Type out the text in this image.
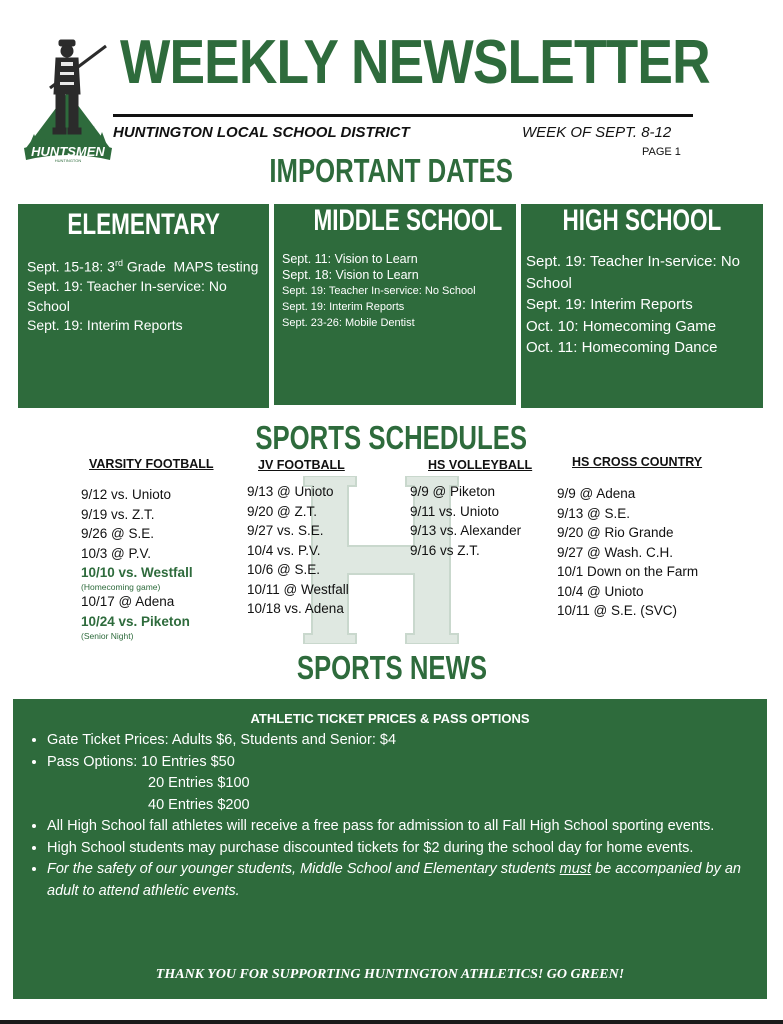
HUNTSMEN
HUNTINGTON
WEEKLY NEWSLETTER
HUNTINGTON LOCAL SCHOOL DISTRICT	WEEK OF SEPT. 8-12
PAGE 1
IMPORTANT DATES
ELEMENTARY
Sept. 15-18: 3rd Grade  MAPS testing
Sept. 19: Teacher In-service: No School
Sept. 19: Interim Reports
MIDDLE SCHOOL
Sept. 11: Vision to Learn
Sept. 18: Vision to Learn
Sept. 19: Teacher In-service: No School
Sept. 19: Interim Reports
Sept. 23-26: Mobile Dentist
HIGH SCHOOL
Sept. 19: Teacher In-service: No School
Sept. 19: Interim Reports
Oct. 10: Homecoming Game
Oct. 11: Homecoming Dance
SPORTS SCHEDULES
H
VARSITY FOOTBALL
9/12 vs. Unioto
9/19 vs. Z.T.
9/26 @ S.E.
10/3 @ P.V.
10/10 vs. Westfall
(Homecoming game)
10/17 @ Adena
10/24 vs. Piketon
(Senior Night)
JV FOOTBALL
9/13 @ Unioto
9/20 @ Z.T.
9/27 vs. S.E.
10/4 vs. P.V.
10/6 @ S.E.
10/11 @ Westfall
10/18 vs. Adena
HS VOLLEYBALL
9/9 @ Piketon
9/11 vs. Unioto
9/13 vs. Alexander
9/16 vs Z.T.
HS CROSS COUNTRY
9/9 @ Adena
9/13 @ S.E.
9/20 @ Rio Grande
9/27 @ Wash. C.H.
10/1 Down on the Farm
10/4 @ Unioto
10/11 @ S.E. (SVC)
SPORTS NEWS
ATHLETIC TICKET PRICES & PASS OPTIONS
• Gate Ticket Prices: Adults $6, Students and Senior: $4
• Pass Options: 10 Entries $50
20 Entries $100
40 Entries $200
• All High School fall athletes will receive a free pass for admission to all Fall High School sporting events.
• High School students may purchase discounted tickets for $2 during the school day for home events.
• For the safety of our younger students, Middle School and Elementary students must be accompanied by an adult to attend athletic events.
THANK YOU FOR SUPPORTING HUNTINGTON ATHLETICS! GO GREEN!
